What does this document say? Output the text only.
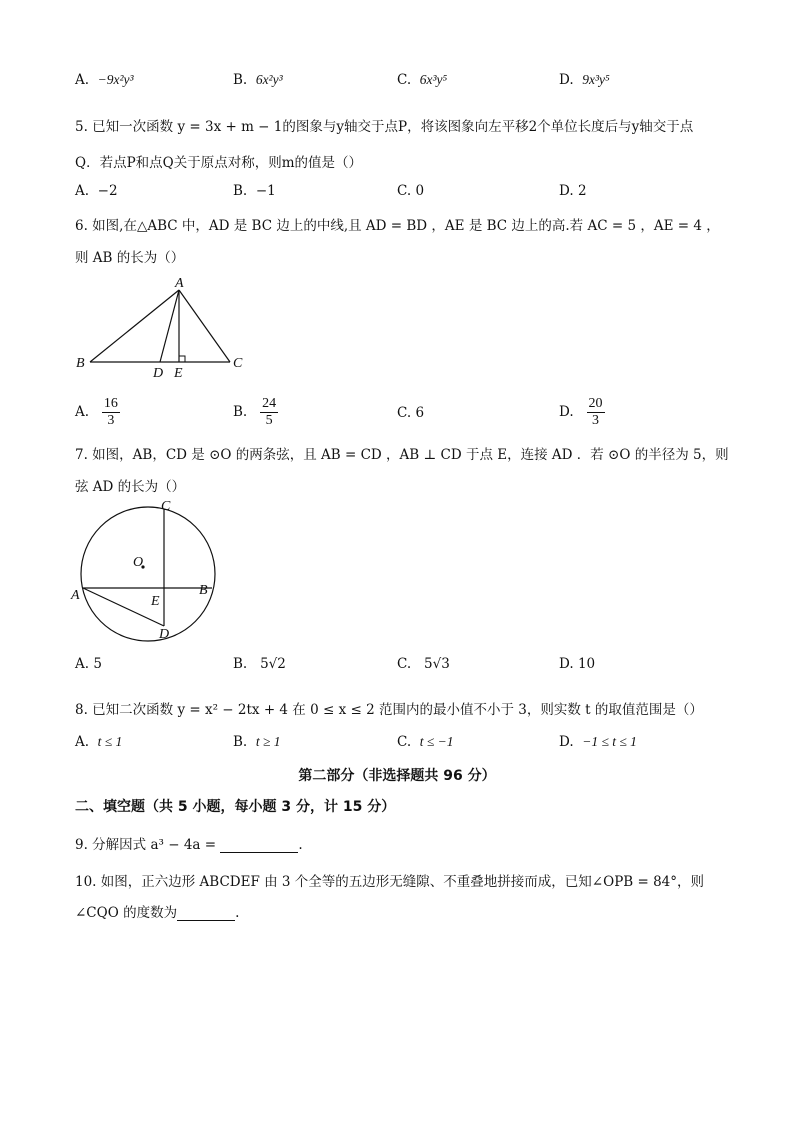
A. −9x²y³	B. 6x²y³	C. 6x³y⁵	D. 9x³y⁵
5. 已知一次函数 y = 3x + m − 1的图象与y轴交于点P，将该图象向左平移2个单位长度后与y轴交于点
Q．若点P和点Q关于原点对称，则m的值是（）
A. −2	B. −1	C. 0	D. 2
6. 如图,在△ABC 中，AD 是 BC 边上的中线,且 AD = BD ，AE 是 BC 边上的高.若 AC = 5 ，AE = 4 ，
则 AB 的长为（）
A
B	C
D E
A. $\frac{16}{3}$	B. $\frac{24}{5}$	C. 6	D. $\frac{20}{3}$
7. 如图，AB，CD 是 ⊙O 的两条弦，且 AB = CD ，AB ⊥ CD 于点 E，连接 AD ．若 ⊙O 的半径为 5，则
弦 AD 的长为（）
O
A	B
C
D
E
A. 5	B. 5√2	C. 5√3	D. 10
8. 已知二次函数 y = x² − 2tx + 4 在 0 ≤ x ≤ 2 范围内的最小值不小于 3，则实数 t 的取值范围是（）
A. t ≤ 1	B. t ≥ 1	C. t ≤ −1	D. −1 ≤ t ≤ 1
第二部分（非选择题共 96 分）
二、填空题（共 5 小题，每小题 3 分，计 15 分）
9. 分解因式 a³ − 4a =	.
10. 如图，正六边形 ABCDEF 由 3 个全等的五边形无缝隙、不重叠地拼接而成，已知∠OPB = 84°，则
∠CQO 的度数为	.
